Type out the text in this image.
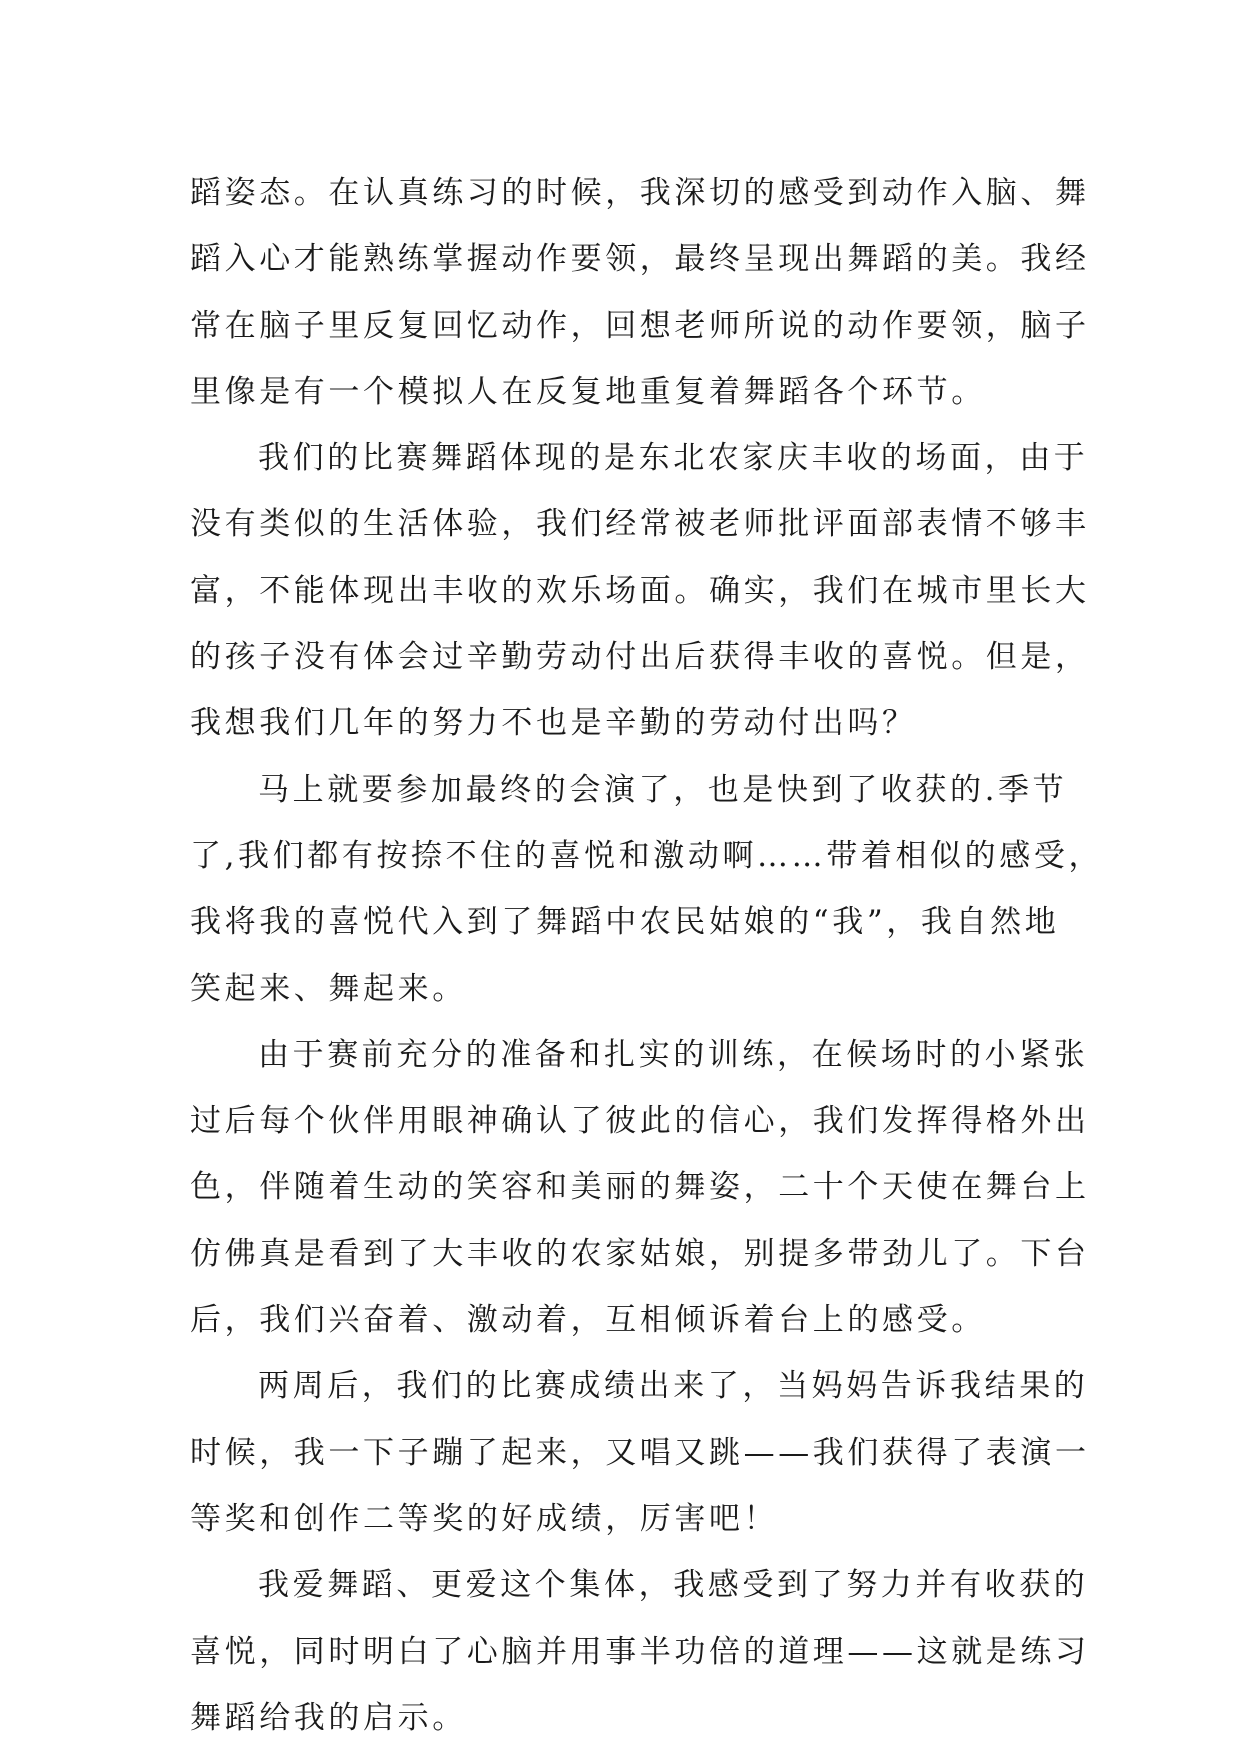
蹈姿态。在认真练习的时候，我深切的感受到动作入脑、舞
蹈入心才能熟练掌握动作要领，最终呈现出舞蹈的美。我经
常在脑子里反复回忆动作，回想老师所说的动作要领，脑子
里像是有一个模拟人在反复地重复着舞蹈各个环节。

我们的比赛舞蹈体现的是东北农家庆丰收的场面，由于
没有类似的生活体验，我们经常被老师批评面部表情不够丰
富，不能体现出丰收的欢乐场面。确实，我们在城市里长大
的孩子没有体会过辛勤劳动付出后获得丰收的喜悦。但是，
我想我们几年的努力不也是辛勤的劳动付出吗？

马上就要参加最终的会演了，也是快到了收获的.季节
了,我们都有按捺不住的喜悦和激动啊……带着相似的感受，
我将我的喜悦代入到了舞蹈中农民姑娘的“我”，我自然地
笑起来、舞起来。

由于赛前充分的准备和扎实的训练，在候场时的小紧张
过后每个伙伴用眼神确认了彼此的信心，我们发挥得格外出
色，伴随着生动的笑容和美丽的舞姿，二十个天使在舞台上
仿佛真是看到了大丰收的农家姑娘，别提多带劲儿了。下台
后，我们兴奋着、激动着，互相倾诉着台上的感受。

两周后，我们的比赛成绩出来了，当妈妈告诉我结果的
时候，我一下子蹦了起来，又唱又跳——我们获得了表演一
等奖和创作二等奖的好成绩，厉害吧！

我爱舞蹈、更爱这个集体，我感受到了努力并有收获的
喜悦，同时明白了心脑并用事半功倍的道理——这就是练习
舞蹈给我的启示。
